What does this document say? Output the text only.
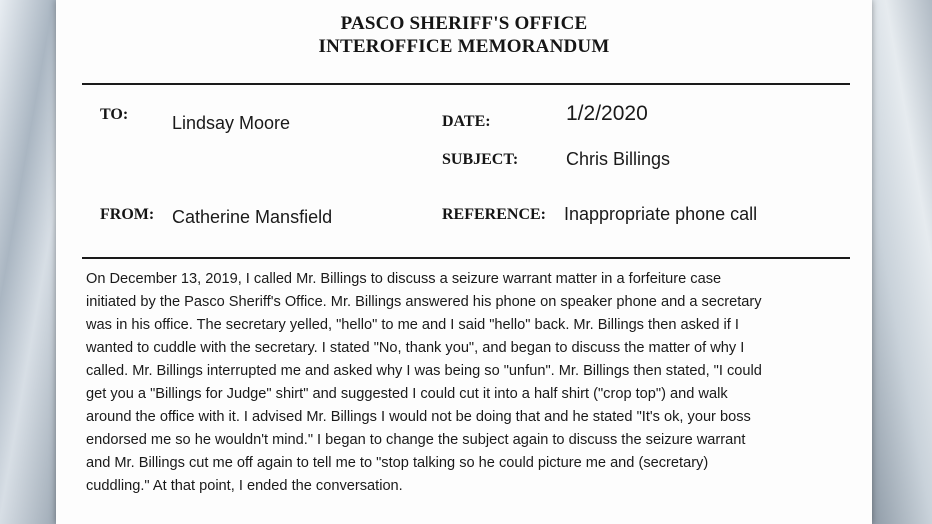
PASCO SHERIFF'S OFFICE
INTEROFFICE MEMORANDUM
TO: Lindsay Moore	DATE:	1/2/2020
SUBJECT:	Chris Billings
FROM: Catherine Mansfield	REFERENCE: Inappropriate phone call
On December 13, 2019, I called Mr. Billings to discuss a seizure warrant matter in a forfeiture case
initiated by the Pasco Sheriff's Office. Mr. Billings answered his phone on speaker phone and a secretary
was in his office. The secretary yelled, "hello" to me and I said "hello" back. Mr. Billings then asked if I
wanted to cuddle with the secretary. I stated "No, thank you", and began to discuss the matter of why I
called. Mr. Billings interrupted me and asked why I was being so "unfun". Mr. Billings then stated, "I could
get you a "Billings for Judge" shirt" and suggested I could cut it into a half shirt ("crop top") and walk
around the office with it. I advised Mr. Billings I would not be doing that and he stated "It's ok, your boss
endorsed me so he wouldn't mind." I began to change the subject again to discuss the seizure warrant
and Mr. Billings cut me off again to tell me to "stop talking so he could picture me and (secretary)
cuddling." At that point, I ended the conversation.
